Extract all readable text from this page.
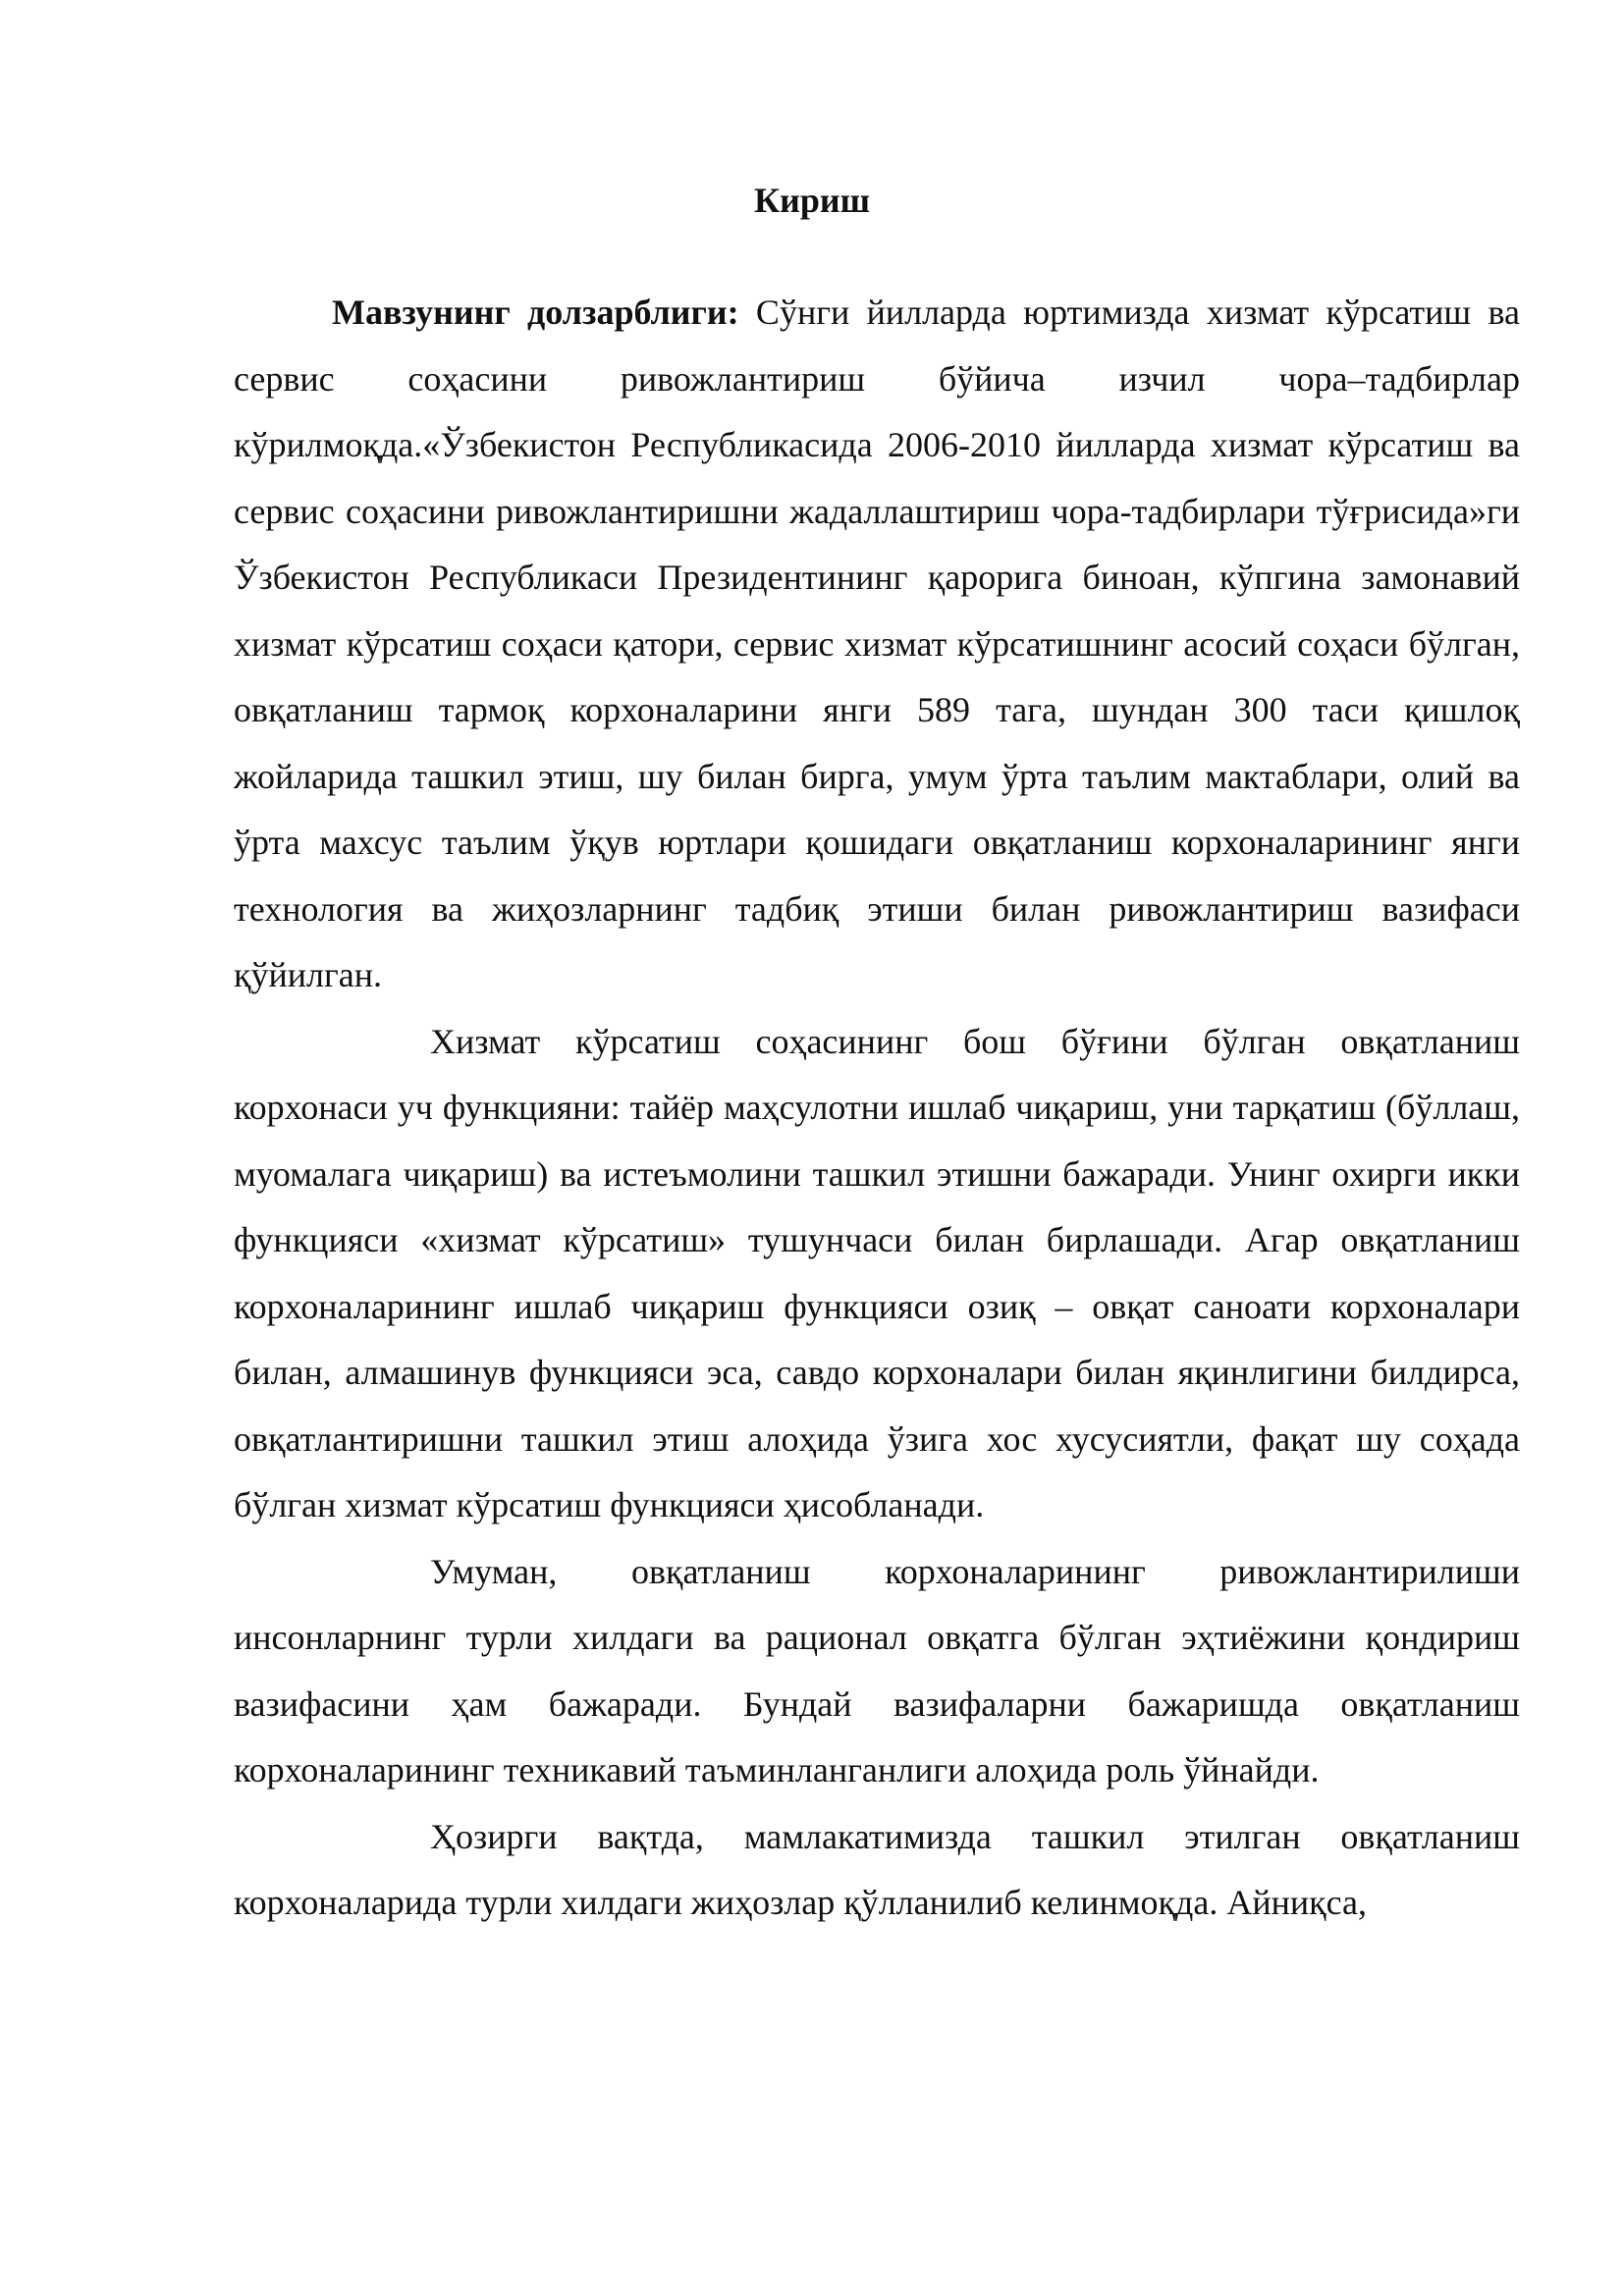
Кириш

Мавзунинг долзарблиги: Сўнги йилларда юртимизда хизмат кўрсатиш ва сервис соҳасини ривожлантириш бўйича изчил чора–тадбирлар кўрилмоқда.«Ўзбекистон Республикасида 2006-2010 йилларда хизмат кўрсатиш ва сервис соҳасини ривожлантиришни жадаллаштириш чора-тадбирлари тўғрисида»ги Ўзбекистон Республикаси Президентининг қарорига биноан, кўпгина замонавий хизмат кўрсатиш соҳаси қатори, сервис хизмат кўрсатишнинг асосий соҳаси бўлган, овқатланиш тармоқ корхоналарини янги 589 тага, шундан 300 таси қишлоқ жойларида ташкил этиш, шу билан бирга, умум ўрта таълим мактаблари, олий ва ўрта махсус таълим ўқув юртлари қошидаги овқатланиш корхоналарининг янги технология ва жиҳозларнинг тадбиқ этиши билан ривожлантириш вазифаси қўйилган.

Хизмат кўрсатиш соҳасининг бош бўғини бўлган овқатланиш корхонаси уч функцияни: тайёр маҳсулотни ишлаб чиқариш, уни тарқатиш (бўллаш, муомалага чиқариш) ва истеъмолини ташкил этишни бажаради. Унинг охирги икки функцияси «хизмат кўрсатиш» тушунчаси билан бирлашади. Агар овқатланиш корхоналарининг ишлаб чиқариш функцияси озиқ – овқат саноати корхоналари билан, алмашинув функцияси эса, савдо корхоналари билан яқинлигини билдирса, овқатлантиришни ташкил этиш алоҳида ўзига хос хусусиятли, фақат шу соҳада бўлган хизмат кўрсатиш функцияси ҳисобланади.

Умуман, овқатланиш корхоналарининг ривожлантирилиши инсонларнинг турли хилдаги ва рационал овқатга бўлган эҳтиёжини қондириш вазифасини ҳам бажаради. Бундай вазифаларни бажаришда овқатланиш корхоналарининг техникавий таъминланганлиги алоҳида роль ўйнайди.

Ҳозирги вақтда, мамлакатимизда ташкил этилган овқатланиш корхоналарида турли хилдаги жиҳозлар қўлланилиб келинмоқда. Айниқса,
